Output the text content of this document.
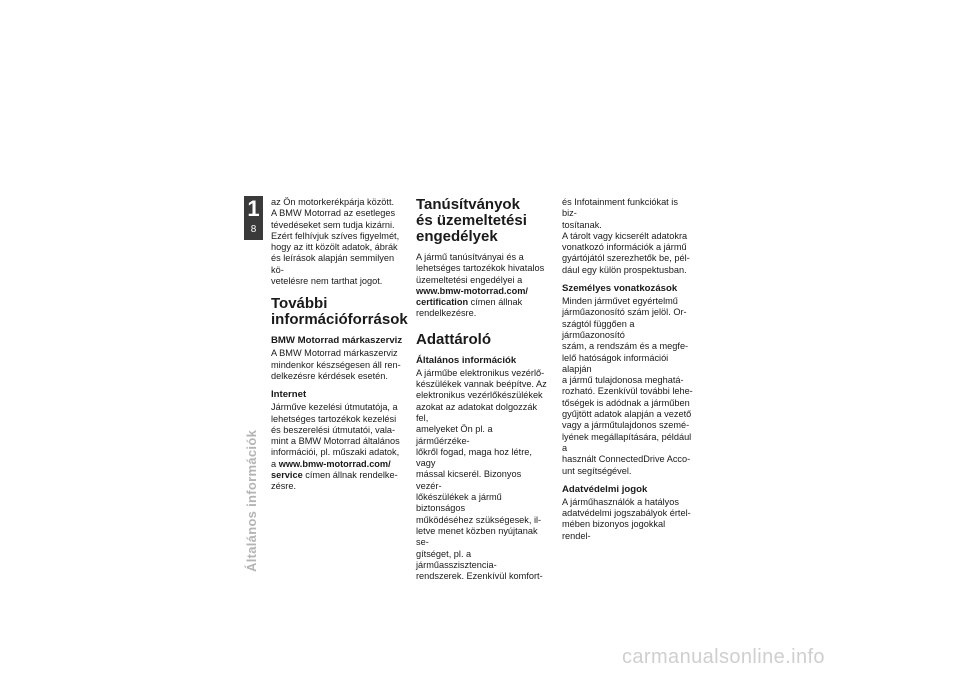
1
8
Általános információk

az Ön motorkerékpárja között.
A BMW Motorrad az esetleges
tévedéseket sem tudja kizárni.
Ezért felhívjuk szíves figyelmét,
hogy az itt közölt adatok, ábrák
és leírások alapján semmilyen kö-
vetelésre nem tarthat jogot.

További
információforrások
BMW Motorrad márkaszerviz

A BMW Motorrad márkaszerviz
mindenkor készségesen áll ren-
delkezésre kérdések esetén.

Internet

Járműve kezelési útmutatója, a
lehetséges tartozékok kezelési
és beszerelési útmutatói, vala-
mint a BMW Motorrad általános
információi, pl. műszaki adatok,
a www.bmw-motorrad.com/
service címen állnak rendelke-
zésre.

Tanúsítványok
és üzemeltetési
engedélyek

A jármű tanúsítványai és a
lehetséges tartozékok hivatalos
üzemeltetési engedélyei a
www.bmw-motorrad.com/
certification címen állnak
rendelkezésre.

Adattároló
Általános információk

A járműbe elektronikus vezérlő-
készülékek vannak beépítve. Az
elektronikus vezérlőkészülékek
azokat az adatokat dolgozzák fel,
amelyeket Ön pl. a járműérzéke-
lőkről fogad, maga hoz létre, vagy
mással kicserél. Bizonyos vezér-
lőkészülékek a jármű biztonságos
működéséhez szükségesek, il-
letve menet közben nyújtanak se-
gítséget, pl. a járműasszisztencia-
rendszerek. Ezenkívül komfort-

és Infotainment funkciókat is biz-
tosítanak.
A tárolt vagy kicserélt adatokra
vonatkozó információk a jármű
gyártójától szerezhetők be, pél-
dául egy külön prospektusban.

Személyes vonatkozások

Minden járművet egyértelmű
járműazonosító szám jelöl. Or-
szágtól függően a járműazonosító
szám, a rendszám és a megfe-
lelő hatóságok információi alapján
a jármű tulajdonosa meghatá-
rozható. Ezenkívül további lehe-
tőségek is adódnak a járműben
gyűjtött adatok alapján a vezető
vagy a járműtulajdonos szemé-
lyének megállapítására, például a
használt ConnectedDrive Acco-
unt segítségével.

Adatvédelmi jogok

A járműhasználók a hatályos
adatvédelmi jogszabályok értel-
mében bizonyos jogokkal rendel-

carmanualsonline.info
